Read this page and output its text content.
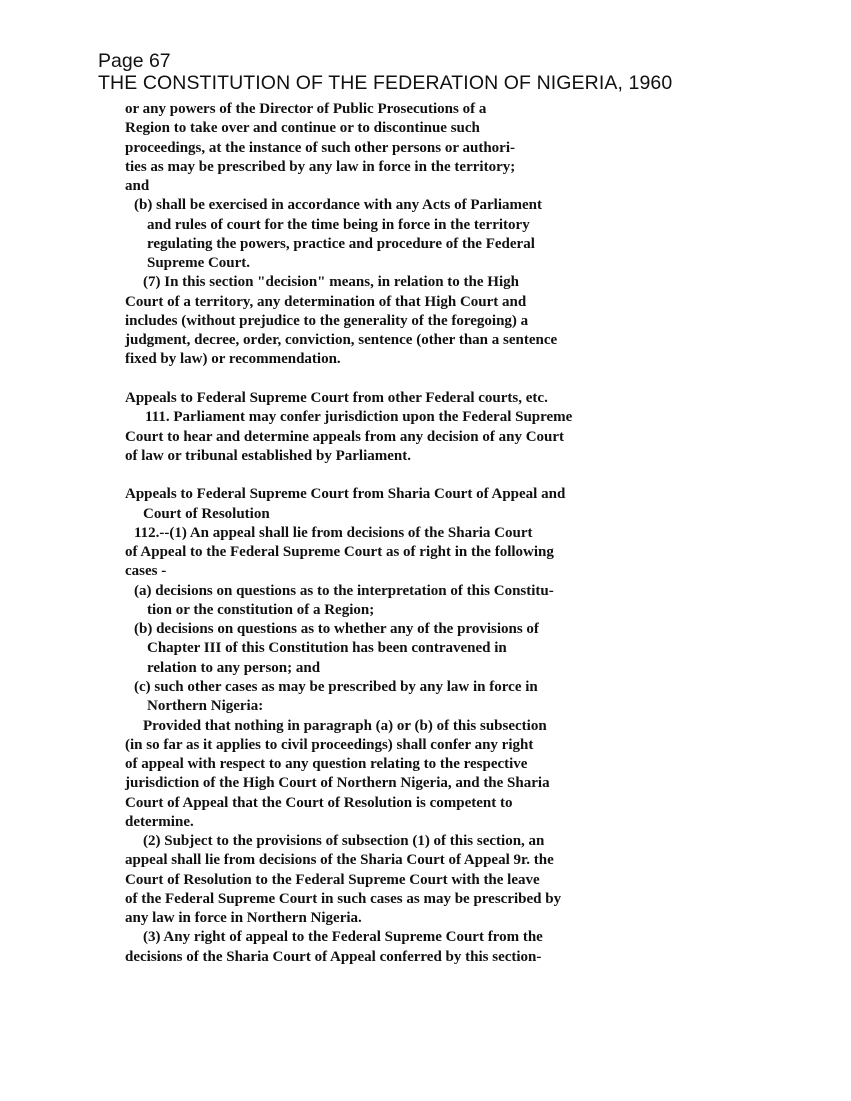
Page 67
THE CONSTITUTION OF THE FEDERATION OF NIGERIA, 1960
or any powers of the Director of Public Prosecutions of a
Region to take over and continue or to discontinue such
proceedings, at the instance of such other persons or authori-
ties as may be prescribed by any law in force in the territory;
and
(b) shall be exercised in accordance with any Acts of Parliament
and rules of court for the time being in force in the territory
regulating the powers, practice and procedure of the Federal
Supreme Court.
(7) In this section "decision" means, in relation to the High
Court of a territory, any determination of that High Court and
includes (without prejudice to the generality of the foregoing) a
judgment, decree, order, conviction, sentence (other than a sentence
fixed by law) or recommendation.
Appeals to Federal Supreme Court from other Federal courts, etc.
111. Parliament may confer jurisdiction upon the Federal Supreme
Court to hear and determine appeals from any decision of any Court
of law or tribunal established by Parliament.
Appeals to Federal Supreme Court from Sharia Court of Appeal and
Court of Resolution
112.--(1) An appeal shall lie from decisions of the Sharia Court
of Appeal to the Federal Supreme Court as of right in the following
cases -
(a) decisions on questions as to the interpretation of this Constitu-
tion or the constitution of a Region;
(b) decisions on questions as to whether any of the provisions of
Chapter III of this Constitution has been contravened in
relation to any person; and
(c) such other cases as may be prescribed by any law in force in
Northern Nigeria:
Provided that nothing in paragraph (a) or (b) of this subsection
(in so far as it applies to civil proceedings) shall confer any right
of appeal with respect to any question relating to the respective
jurisdiction of the High Court of Northern Nigeria, and the Sharia
Court of Appeal that the Court of Resolution is competent to
determine.
(2) Subject to the provisions of subsection (1) of this section, an
appeal shall lie from decisions of the Sharia Court of Appeal 9r. the
Court of Resolution to the Federal Supreme Court with the leave
of the Federal Supreme Court in such cases as may be prescribed by
any law in force in Northern Nigeria.
(3) Any right of appeal to the Federal Supreme Court from the
decisions of the Sharia Court of Appeal conferred by this section-
